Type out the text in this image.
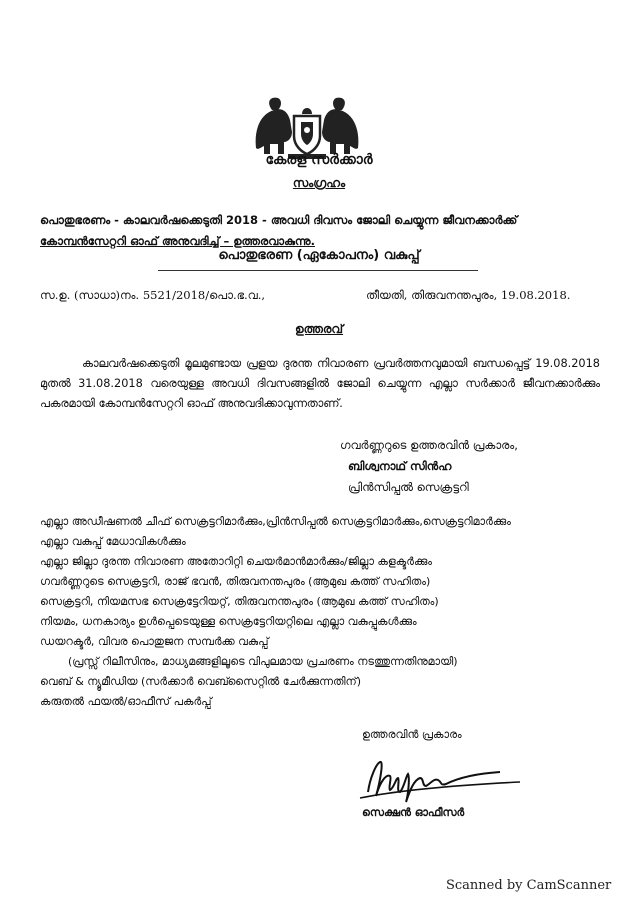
കേരള സർക്കാർ
സംഗ്രഹം
പൊതുഭരണം - കാലവർഷക്കെടുതി 2018 - അവധി ദിവസം ജോലി ചെയ്യുന്ന ജീവനക്കാർക്ക്
കോമ്പൻസേറ്ററി ഓഫ് അനുവദിച്ച് – ഉത്തരവാകുന്നു.
പൊതുഭരണ (ഏകോപനം) വകുപ്പ്
സ.ഉ. (സാധാ)നം. 5521/2018/പൊ.ഭ.വ.,	തീയതി, തിരുവനന്തപുരം, 19.08.2018.
ഉത്തരവ്
കാലവർഷക്കെടുതി മൂലമുണ്ടായ പ്രളയ ദുരന്ത നിവാരണ പ്രവർത്തനവുമായി ബന്ധപ്പെട്ട് 19.08.2018 മുതൽ 31.08.2018 വരെയുള്ള അവധി ദിവസങ്ങളിൽ ജോലി ചെയ്യുന്ന എല്ലാ സർക്കാർ ജീവനക്കാർക്കും പകരമായി കോമ്പൻസേറ്ററി ഓഫ് അനുവദിക്കാവുന്നതാണ്.
ഗവർണ്ണറുടെ ഉത്തരവിൻ പ്രകാരം,
ബിശ്വനാഥ് സിൻഹ
പ്രിൻസിപ്പൽ സെക്രട്ടറി
എല്ലാ അഡീഷണൽ ചീഫ് സെക്രട്ടറിമാർക്കും,പ്രിൻസിപ്പൽ സെക്രട്ടറിമാർക്കും,സെക്രട്ടറിമാർക്കും
എല്ലാ വകുപ്പ് മേധാവികൾക്കും
എല്ലാ ജില്ലാ ദുരന്ത നിവാരണ അതോറിറ്റി ചെയർമാൻമാർക്കും/ജില്ലാ കളക്ടർക്കും
ഗവർണ്ണറുടെ സെക്രട്ടറി, രാജ് ഭവൻ, തിരുവനന്തപുരം (ആമുഖ കത്ത് സഹിതം)
സെക്രട്ടറി, നിയമസഭ സെക്രട്ടേറിയറ്റ്, തിരുവനന്തപുരം (ആമുഖ കത്ത് സഹിതം)
നിയമം, ധനകാര്യം ഉൾപ്പെടെയുള്ള സെക്രട്ടേറിയറ്റിലെ എല്ലാ വകുപ്പുകൾക്കും
ഡയറക്ടർ, വിവര പൊതുജന സമ്പർക്ക വകുപ്പ്
(പ്രസ്സ് റിലീസിനും, മാധ്യമങ്ങളിലൂടെ വിപുലമായ പ്രചരണം നടത്തുന്നതിനുമായി)
വെബ് & ന്യൂമീഡിയ (സർക്കാർ വെബ്സൈറ്റിൽ ചേർക്കുന്നതിന്)
കരുതൽ ഫയൽ/ഓഫീസ് പകർപ്പ്
ഉത്തരവിൻ പ്രകാരം
സെക്ഷൻ ഓഫീസർ
Scanned by CamScanner
